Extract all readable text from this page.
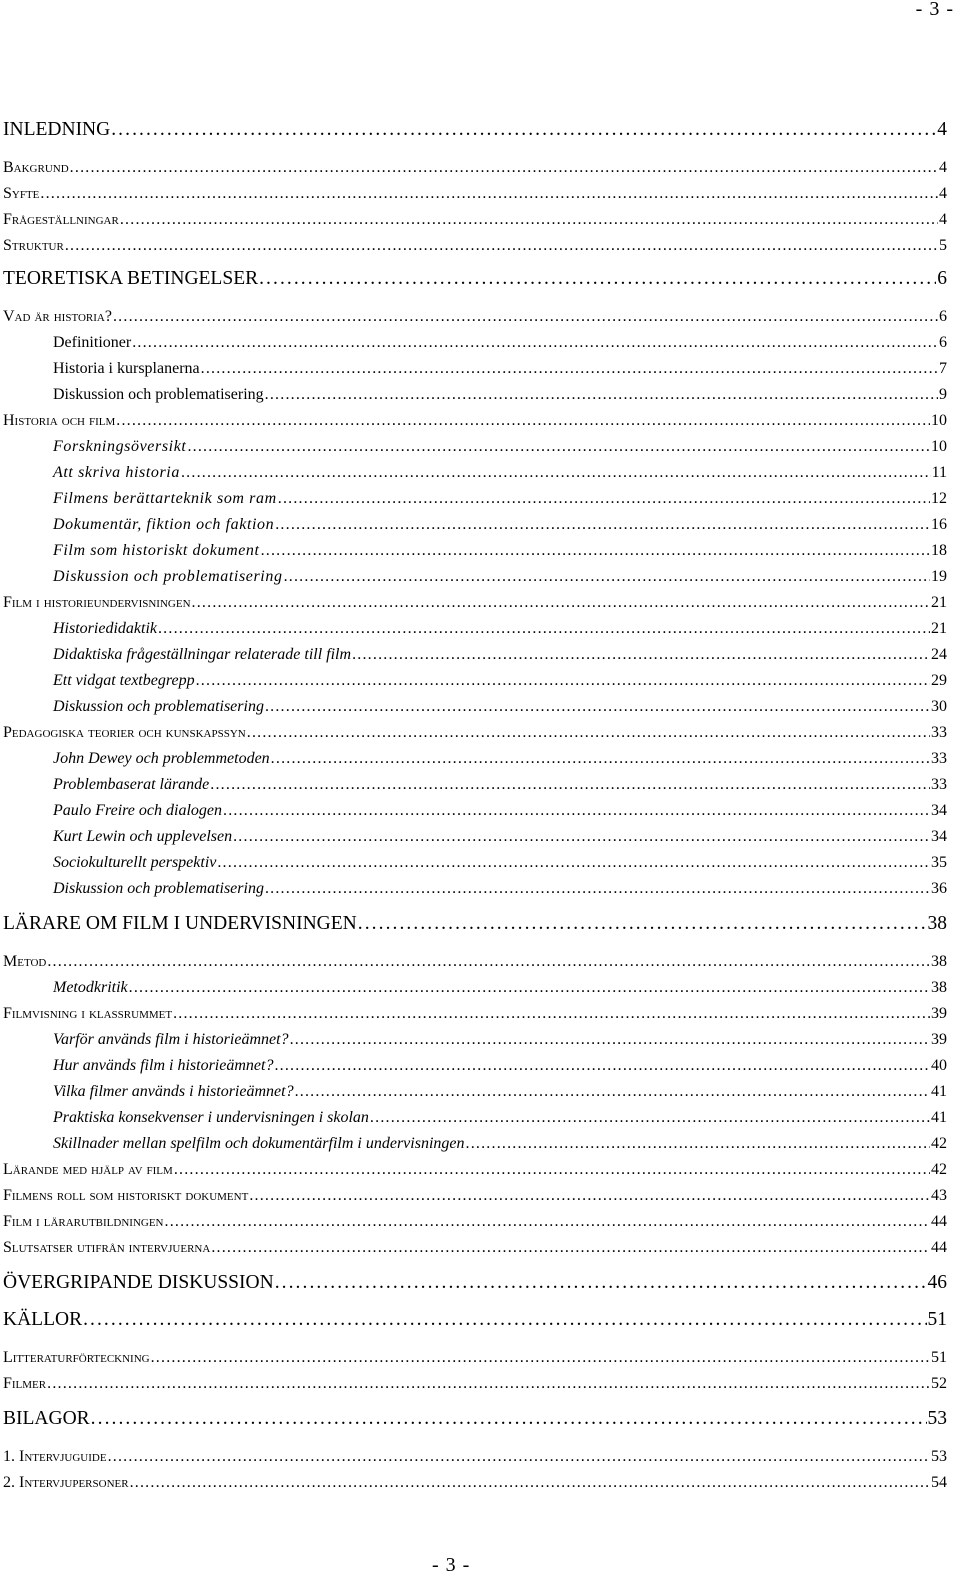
- 3 -
INLEDNING . . .	4
Bakgrund . . .	4
Syfte . . .	4
Frågeställningar . . .	4
Struktur . . .	5
TEORETISKA BETINGELSER . . .	6
Vad är historia? . . .	6
Definitioner . . .	6
Historia i kursplanerna . . .	7
Diskussion och problematisering . . .	9
Historia och film . . .	10
Forskningsöversikt . . .	10
Att skriva historia . . .	11
Filmens berättarteknik som ram . . .	12
Dokumentär, fiktion och faktion . . .	16
Film som historiskt dokument . . .	18
Diskussion och problematisering . . .	19
Film i historieundervisningen . . .	21
Historiedidaktik . . .	21
Didaktiska frågeställningar relaterade till film . . .	24
Ett vidgat textbegrepp . . .	29
Diskussion och problematisering . . .	30
Pedagogiska teorier och kunskapssyn . . .	33
John Dewey och problemmetoden . . .	33
Problembaserat lärande . . .	33
Paulo Freire och dialogen . . .	34
Kurt Lewin och upplevelsen . . .	34
Sociokulturellt perspektiv . . .	35
Diskussion och problematisering . . .	36
LÄRARE OM FILM I UNDERVISNINGEN . . .	38
Metod . . .	38
Metodkritik . . .	38
Filmvisning i klassrummet . . .	39
Varför används film i historieämnet? . . .	39
Hur används film i historieämnet? . . .	40
Vilka filmer används i historieämnet? . . .	41
Praktiska konsekvenser i undervisningen i skolan . . .	41
Skillnader mellan spelfilm och dokumentärfilm i undervisningen . . .	42
Lärande med hjälp av film . . .	42
Filmens roll som historiskt dokument . . .	43
Film i lärarutbildningen . . .	44
Slutsatser utifrån intervjuerna . . .	44
ÖVERGRIPANDE DISKUSSION . . .	46
KÄLLOR . . .	51
Litteraturförteckning . . .	51
Filmer . . .	52
BILAGOR . . .	53
1. Intervjuguide . . .	53
2. Intervjupersoner . . .	54
- 3 -
